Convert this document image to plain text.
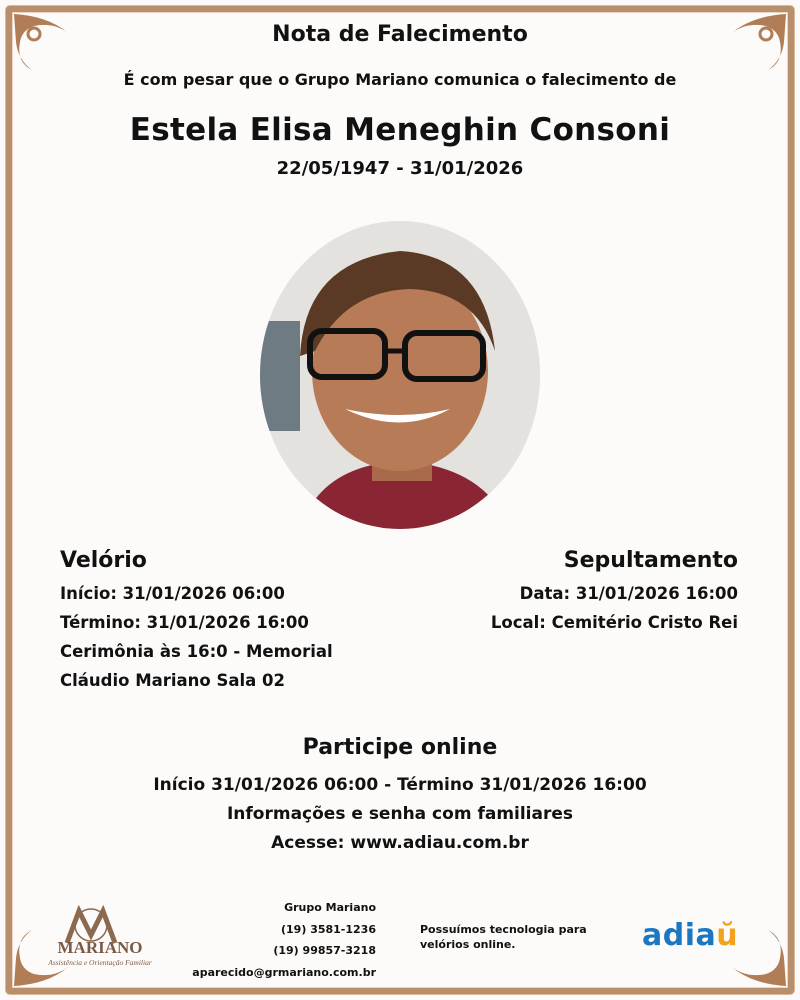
Nota de Falecimento
É com pesar que o Grupo Mariano comunica o falecimento de
Estela Elisa Meneghin Consoni
22/05/1947 - 31/01/2026
Velório
Início: 31/01/2026 06:00
Término: 31/01/2026 16:00
Cerimônia às 16:0 - Memorial
Cláudio Mariano Sala 02
Sepultamento
Data: 31/01/2026 16:00
Local: Cemitério Cristo Rei
Participe online
Início 31/01/2026 06:00 - Término 31/01/2026 16:00
Informações e senha com familiares
Acesse: www.adiau.com.br
MARIANO
Assistência e Orientação Familiar
Grupo Mariano
(19) 3581-1236
(19) 99857-3218
aparecido@grmariano.com.br
Possuímos tecnologia para velórios online.	adiaŭ
